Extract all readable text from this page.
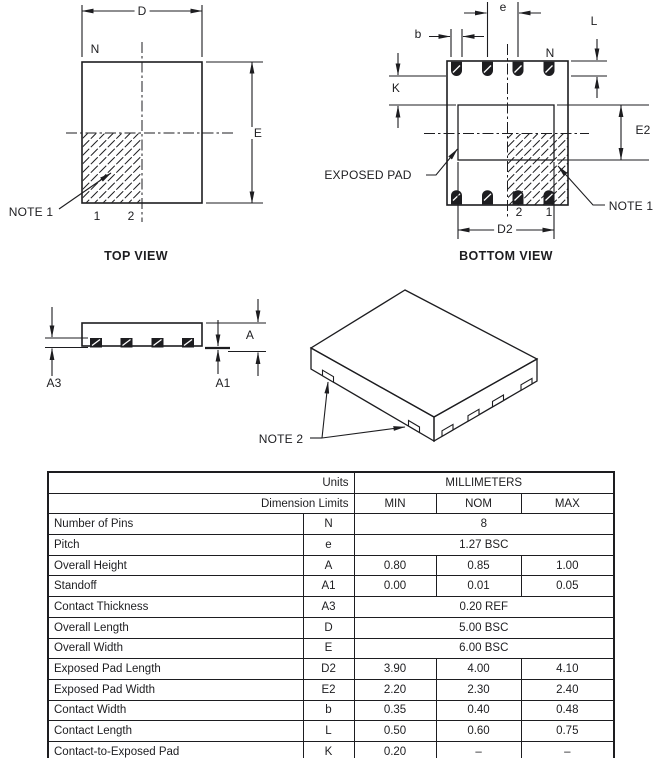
D
N
E
NOTE 1	1 2
TOP VIEW
e
b
L
N
K
EXPOSED PAD
E2
NOTE 1
2 1
D2
BOTTOM VIEW
A3	A1
A
NOTE 2
Units		MILLIMETERS		
Dimension Limits		MIN	NOM	MAX
Number of Pins	N	8		
Pitch	e	1.27 BSC		
Overall Height	A	0.80	0.85	1.00
Standoff	A1	0.00	0.01	0.05
Contact Thickness	A3	0.20 REF		
Overall Length	D	5.00 BSC		
Overall Width	E	6.00 BSC		
Exposed Pad Length	D2	3.90	4.00	4.10
Exposed Pad Width	E2	2.20	2.30	2.40
Contact Width	b	0.35	0.40	0.48
Contact Length	L	0.50	0.60	0.75
Contact-to-Exposed Pad	K	0.20	–	–
